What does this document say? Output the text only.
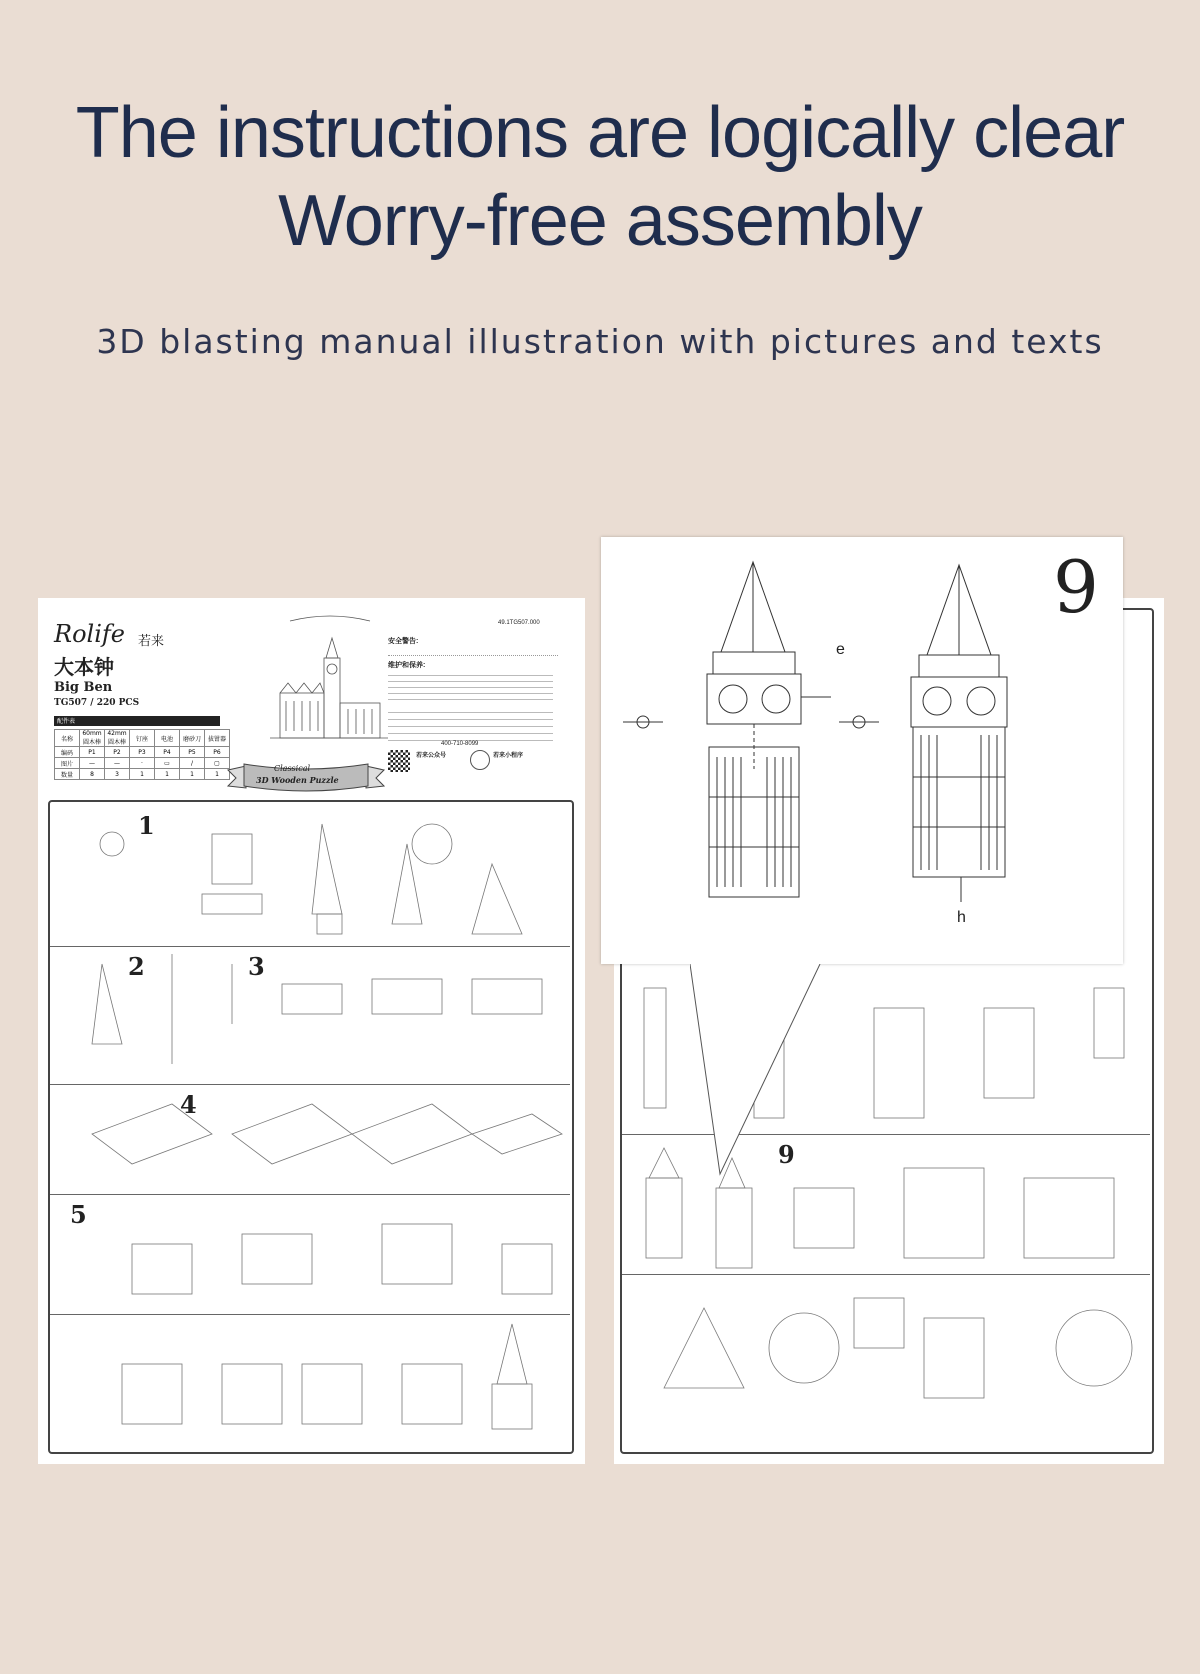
The instructions are logically clear
Worry-free assembly
3D blasting manual illustration with pictures and texts
Rolife 若来
大本钟
Big Ben
TG507 / 220 PCS
配件表
名称	60mm圆木棒	42mm圆木棒	钉座	电池	磨砂刀	拔钳器
编码	P1	P2	P3	P4	P5	P6
图片	—	—	·	▭	/	▢
数量	8	3	1	1	1	1
49.1TG507.000
安全警告:
维护和保养:
400-710-8099
若来公众号	若来小程序
Classical
3D Wooden Puzzle
1
2	3
4
5
9
9
e
h
